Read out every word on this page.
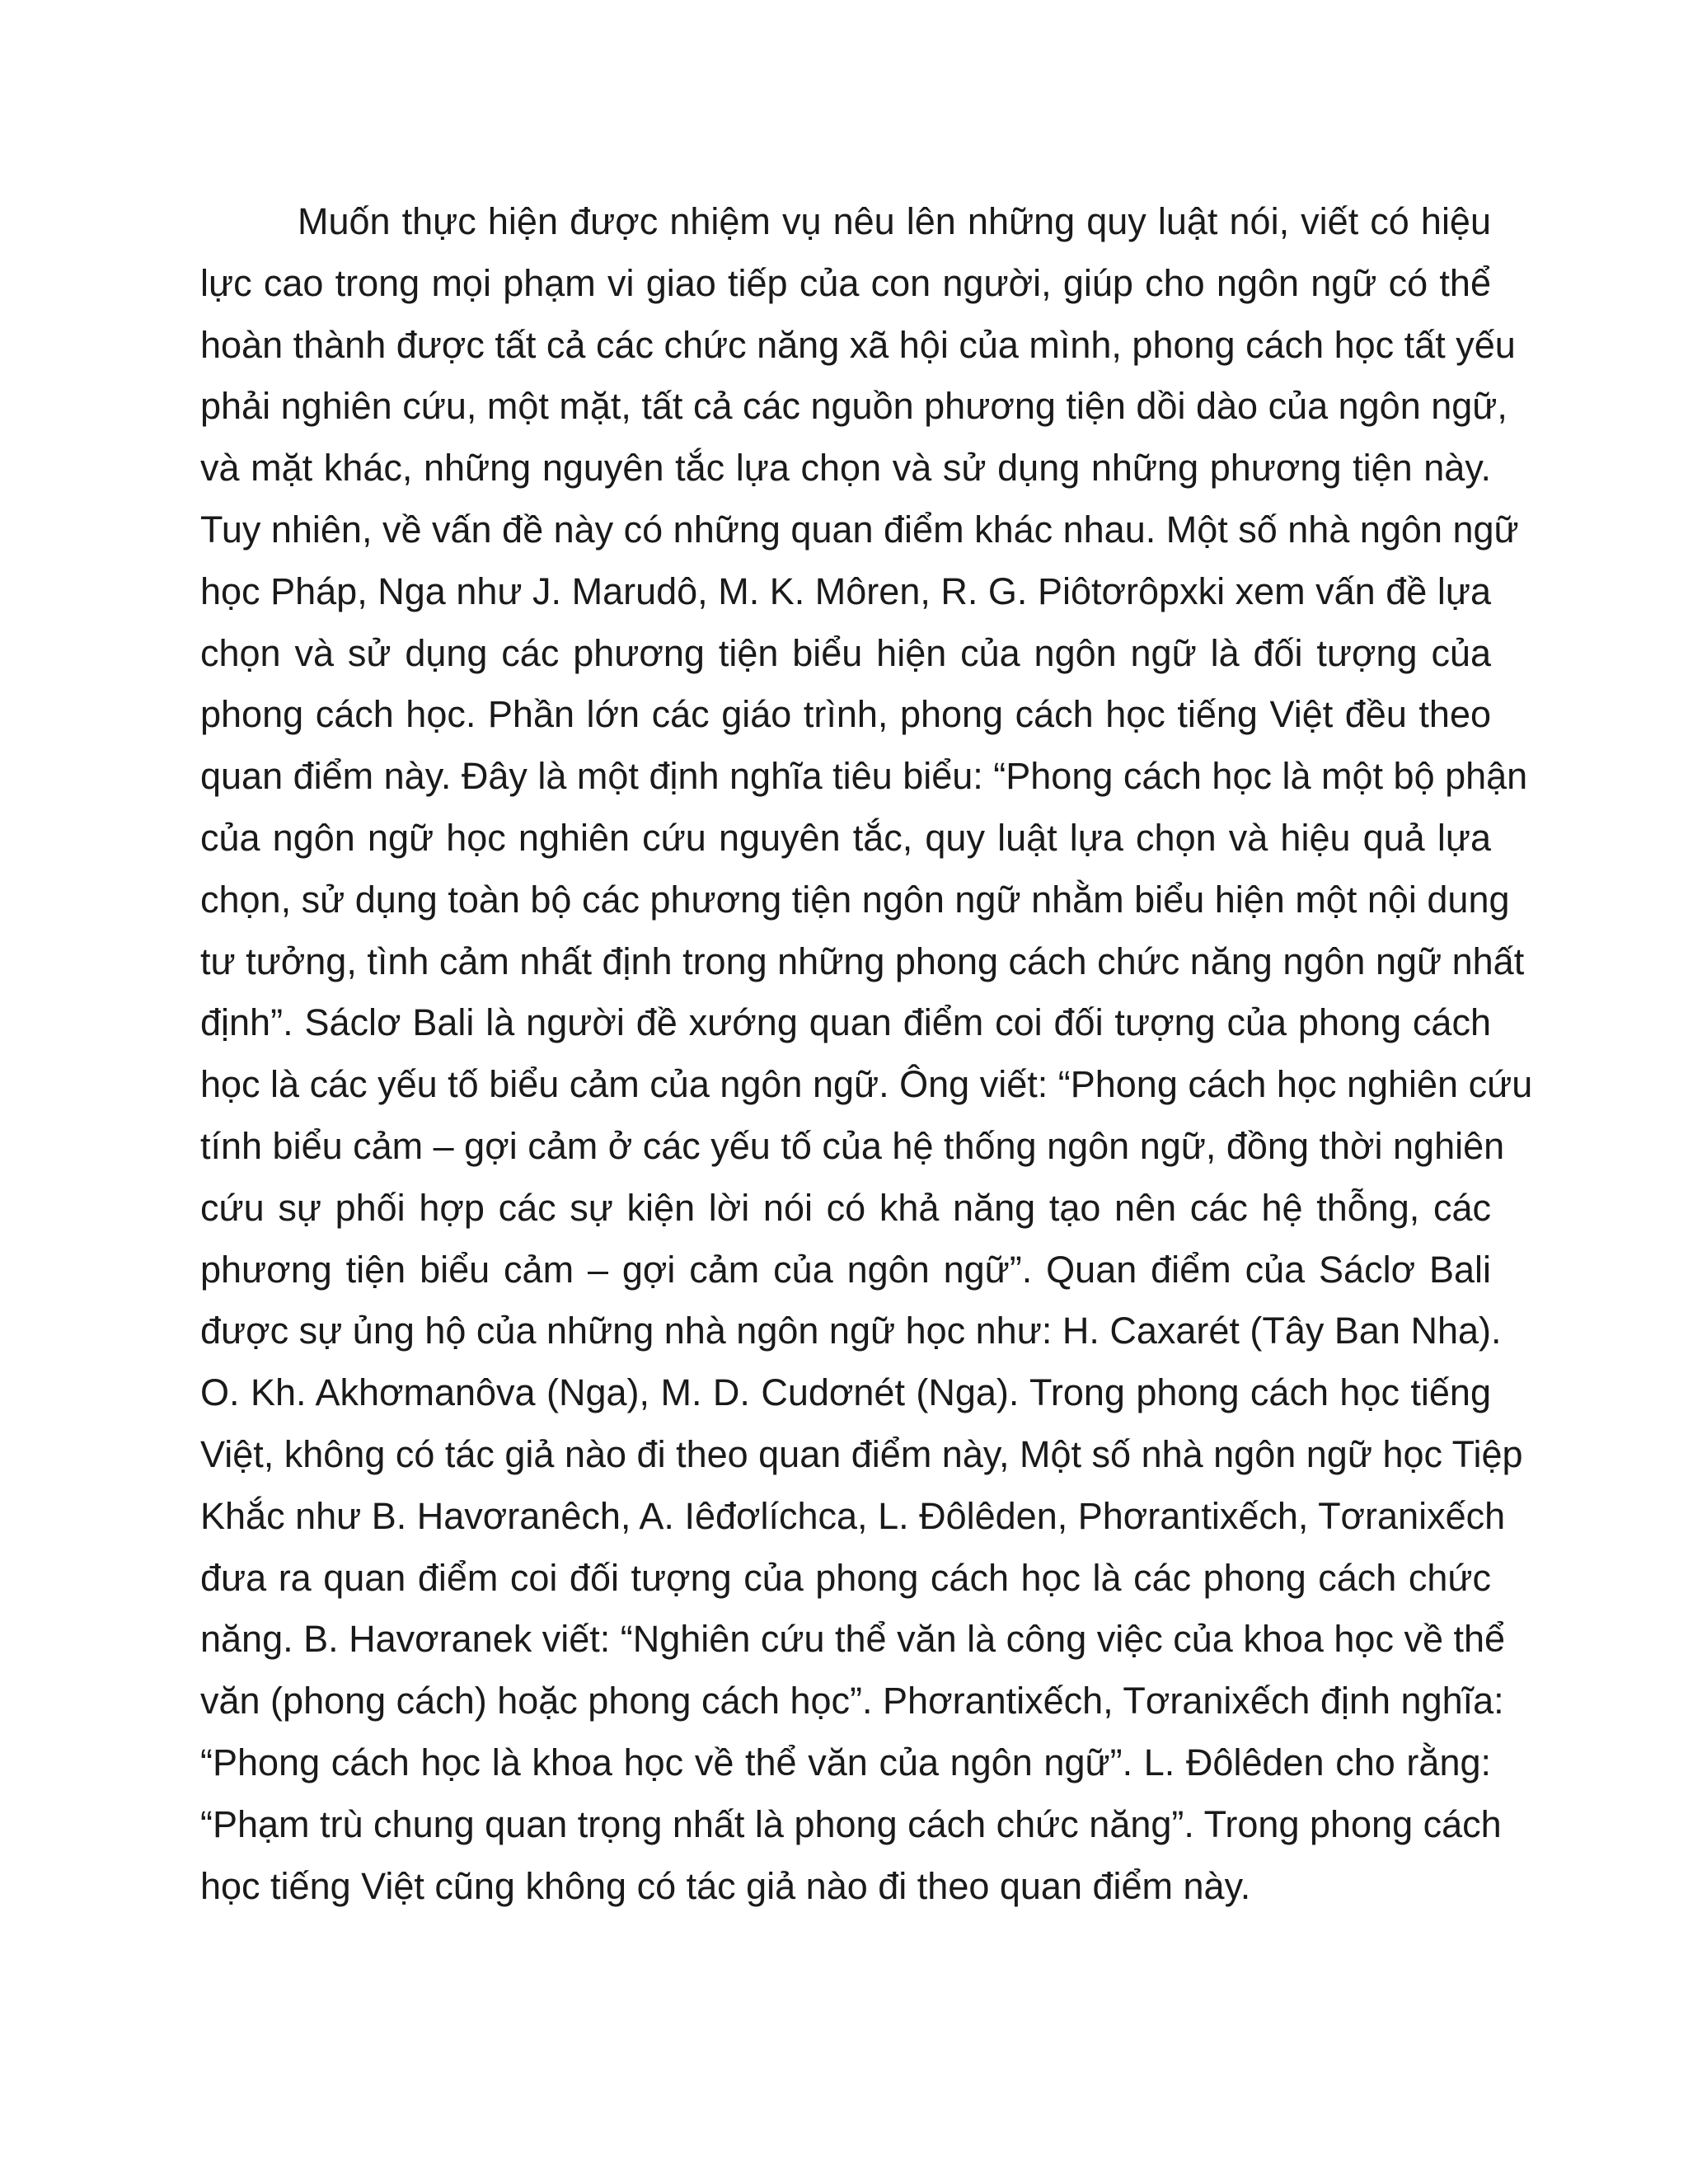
Muốn thực hiện được nhiệm vụ nêu lên những quy luật nói, viết có hiệu
lực cao trong mọi phạm vi giao tiếp của con người, giúp cho ngôn ngữ có thể
hoàn thành được tất cả các chức năng xã hội của mình, phong cách học tất yếu
phải nghiên cứu, một mặt, tất cả các nguồn phương tiện dồi dào của ngôn ngữ,
và mặt khác, những nguyên tắc lựa chọn và sử dụng những phương tiện này.
Tuy nhiên, về vấn đề này có những quan điểm khác nhau. Một số nhà ngôn ngữ
học Pháp, Nga như J. Marudô, M. K. Môren, R. G. Piôtơrôpxki xem vấn đề lựa
chọn và sử dụng các phương tiện biểu hiện của ngôn ngữ là đối tượng của
phong cách học. Phần lớn các giáo trình, phong cách học tiếng Việt đều theo
quan điểm này. Đây là một định nghĩa tiêu biểu: “Phong cách học là một bộ phận
của ngôn ngữ học nghiên cứu nguyên tắc, quy luật lựa chọn và hiệu quả lựa
chọn, sử dụng toàn bộ các phương tiện ngôn ngữ nhằm biểu hiện một nội dung
tư tưởng, tình cảm nhất định trong những phong cách chức năng ngôn ngữ nhất
định”. Sáclơ Bali là người đề xướng quan điểm coi đối tượng của phong cách
học là các yếu tố biểu cảm của ngôn ngữ. Ông viết: “Phong cách học nghiên cứu
tính biểu cảm – gợi cảm ở các yếu tố của hệ thống ngôn ngữ, đồng thời nghiên
cứu sự phối hợp các sự kiện lời nói có khả năng tạo nên các hệ thỗng, các
phương tiện biểu cảm – gợi cảm của ngôn ngữ”. Quan điểm của Sáclơ Bali
được sự ủng hộ của những nhà ngôn ngữ học như: H. Caxarét (Tây Ban Nha).
O. Kh. Akhơmanôva (Nga), M. D. Cudơnét (Nga). Trong phong cách học tiếng
Việt, không có tác giả nào đi theo quan điểm này, Một số nhà ngôn ngữ học Tiệp
Khắc như B. Havơranêch, A. Iêđơlíchca, L. Đôlêden, Phơrantixếch, Tơranixếch
đưa ra quan điểm coi đối tượng của phong cách học là các phong cách chức
năng. B. Havơranek viết: “Nghiên cứu thể văn là công việc của khoa học về thể
văn (phong cách) hoặc phong cách học”. Phơrantixếch, Tơranixếch định nghĩa:
“Phong cách học là khoa học về thể văn của ngôn ngữ”. L. Đôlêden cho rằng:
“Phạm trù chung quan trọng nhất là phong cách chức năng”. Trong phong cách
học tiếng Việt cũng không có tác giả nào đi theo quan điểm này.
